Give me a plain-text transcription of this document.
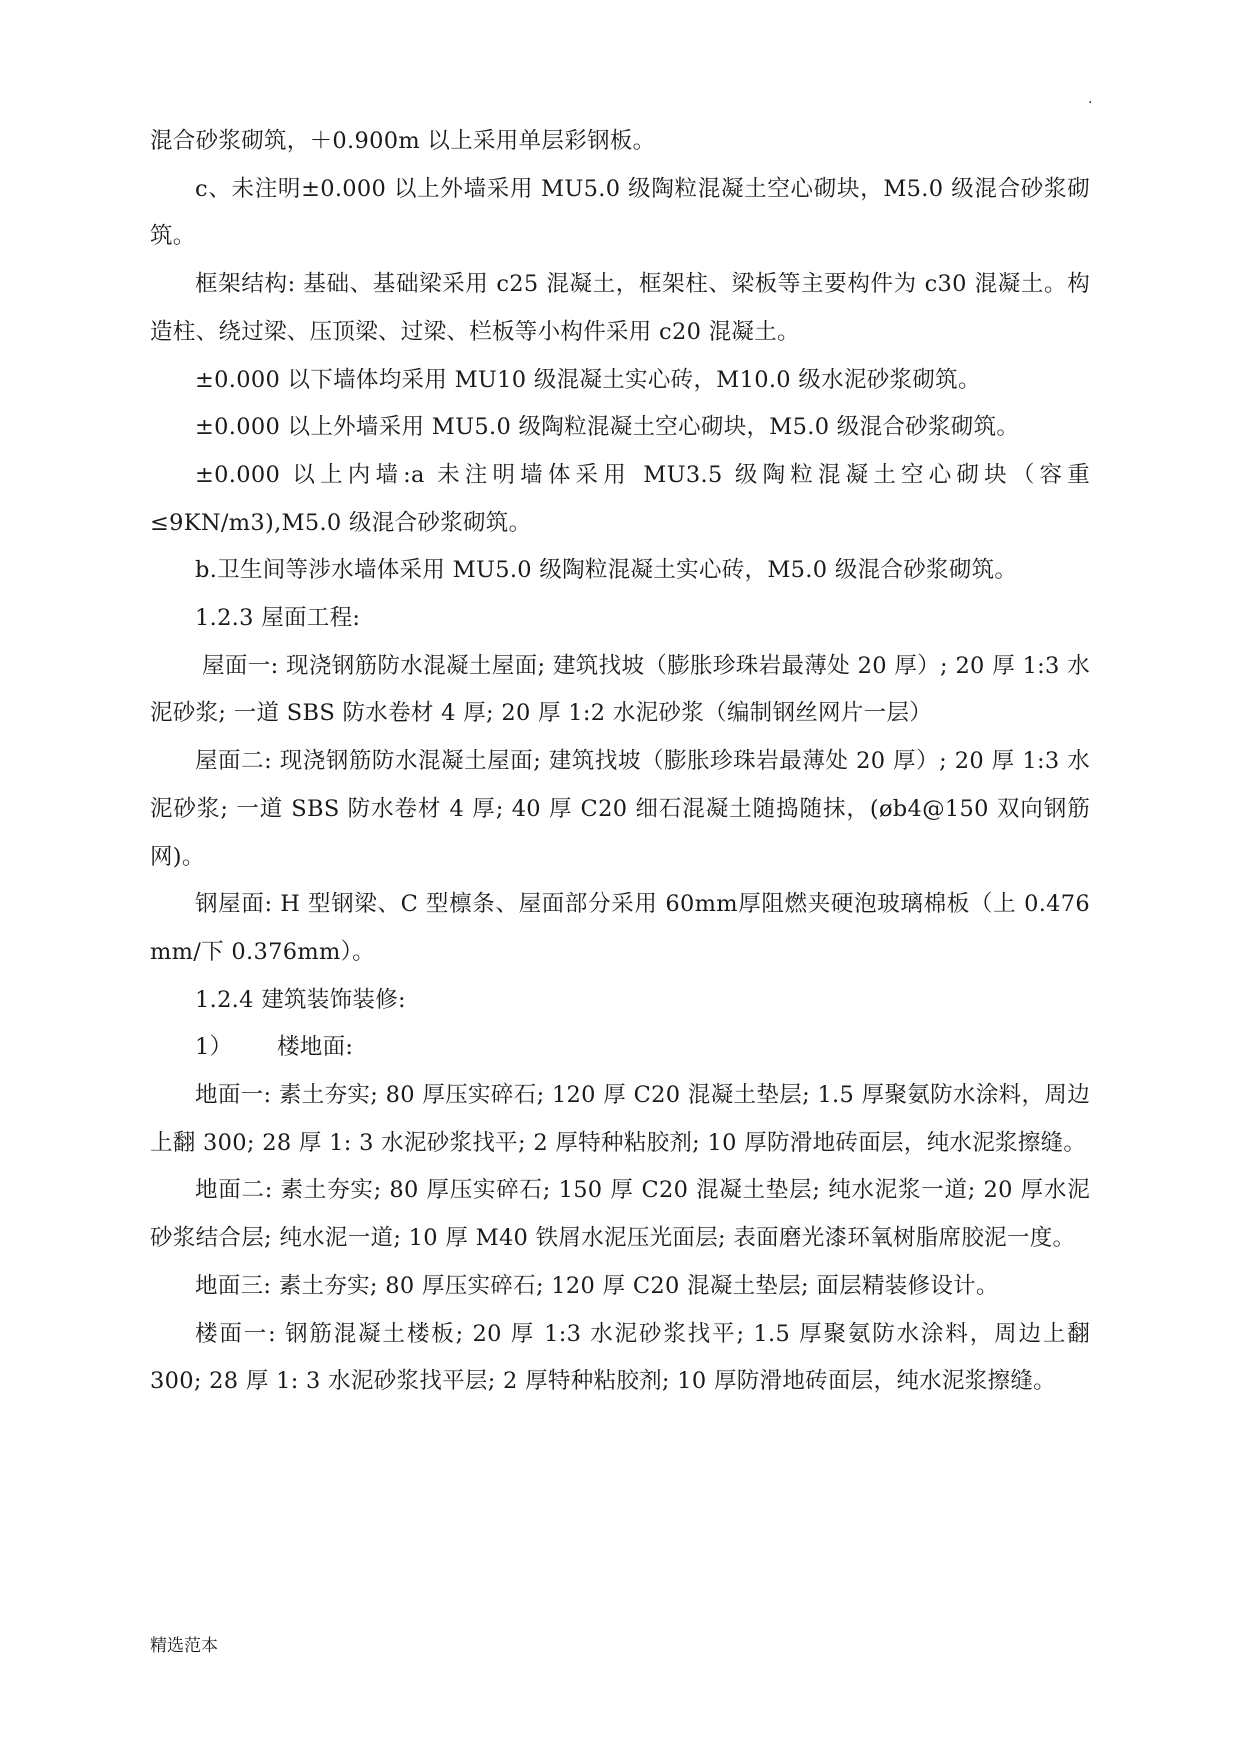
.

混合砂浆砌筑，＋0.900m 以上采用单层彩钢板。

c、未注明±0.000 以上外墙采用 MU5.0 级陶粒混凝土空心砌块，M5.0 级混合砂浆砌筑。

框架结构: 基础、基础梁采用 c25 混凝土，框架柱、梁板等主要构件为 c30 混凝土。构造柱、绕过梁、压顶梁、过梁、栏板等小构件采用 c20 混凝土。

±0.000 以下墙体均采用 MU10 级混凝土实心砖，M10.0 级水泥砂浆砌筑。

±0.000 以上外墙采用 MU5.0 级陶粒混凝土空心砌块，M5.0 级混合砂浆砌筑。

±0.000 以上内墙:a 未注明墙体采用 MU3.5 级陶粒混凝土空心砌块（容重≤9KN/m3),M5.0 级混合砂浆砌筑。

b.卫生间等涉水墙体采用 MU5.0 级陶粒混凝土实心砖，M5.0 级混合砂浆砌筑。

1.2.3 屋面工程:

屋面一: 现浇钢筋防水混凝土屋面; 建筑找坡（膨胀珍珠岩最薄处 20 厚）; 20 厚 1:3 水泥砂浆; 一道 SBS 防水卷材 4 厚; 20 厚 1:2 水泥砂浆（编制钢丝网片一层）

屋面二: 现浇钢筋防水混凝土屋面; 建筑找坡（膨胀珍珠岩最薄处 20 厚）; 20 厚 1:3 水泥砂浆; 一道 SBS 防水卷材 4 厚; 40 厚 C20 细石混凝土随捣随抹，(øb4@150 双向钢筋网)。

钢屋面: H 型钢梁、C 型檩条、屋面部分采用 60mm厚阻燃夹硬泡玻璃棉板（上 0.476 mm/下 0.376mm）。

1.2.4 建筑装饰装修:

1） 楼地面:

地面一: 素土夯实; 80 厚压实碎石; 120 厚 C20 混凝土垫层; 1.5 厚聚氨防水涂料，周边上翻 300; 28 厚 1: 3 水泥砂浆找平; 2 厚特种粘胶剂; 10 厚防滑地砖面层，纯水泥浆擦缝。

地面二: 素土夯实; 80 厚压实碎石; 150 厚 C20 混凝土垫层; 纯水泥浆一道; 20 厚水泥砂浆结合层; 纯水泥一道; 10 厚 M40 铁屑水泥压光面层; 表面磨光漆环氧树脂席胶泥一度。

地面三: 素土夯实; 80 厚压实碎石; 120 厚 C20 混凝土垫层; 面层精装修设计。

楼面一: 钢筋混凝土楼板; 20 厚 1:3 水泥砂浆找平; 1.5 厚聚氨防水涂料，周边上翻 300; 28 厚 1: 3 水泥砂浆找平层; 2 厚特种粘胶剂; 10 厚防滑地砖面层，纯水泥浆擦缝。

精选范本
